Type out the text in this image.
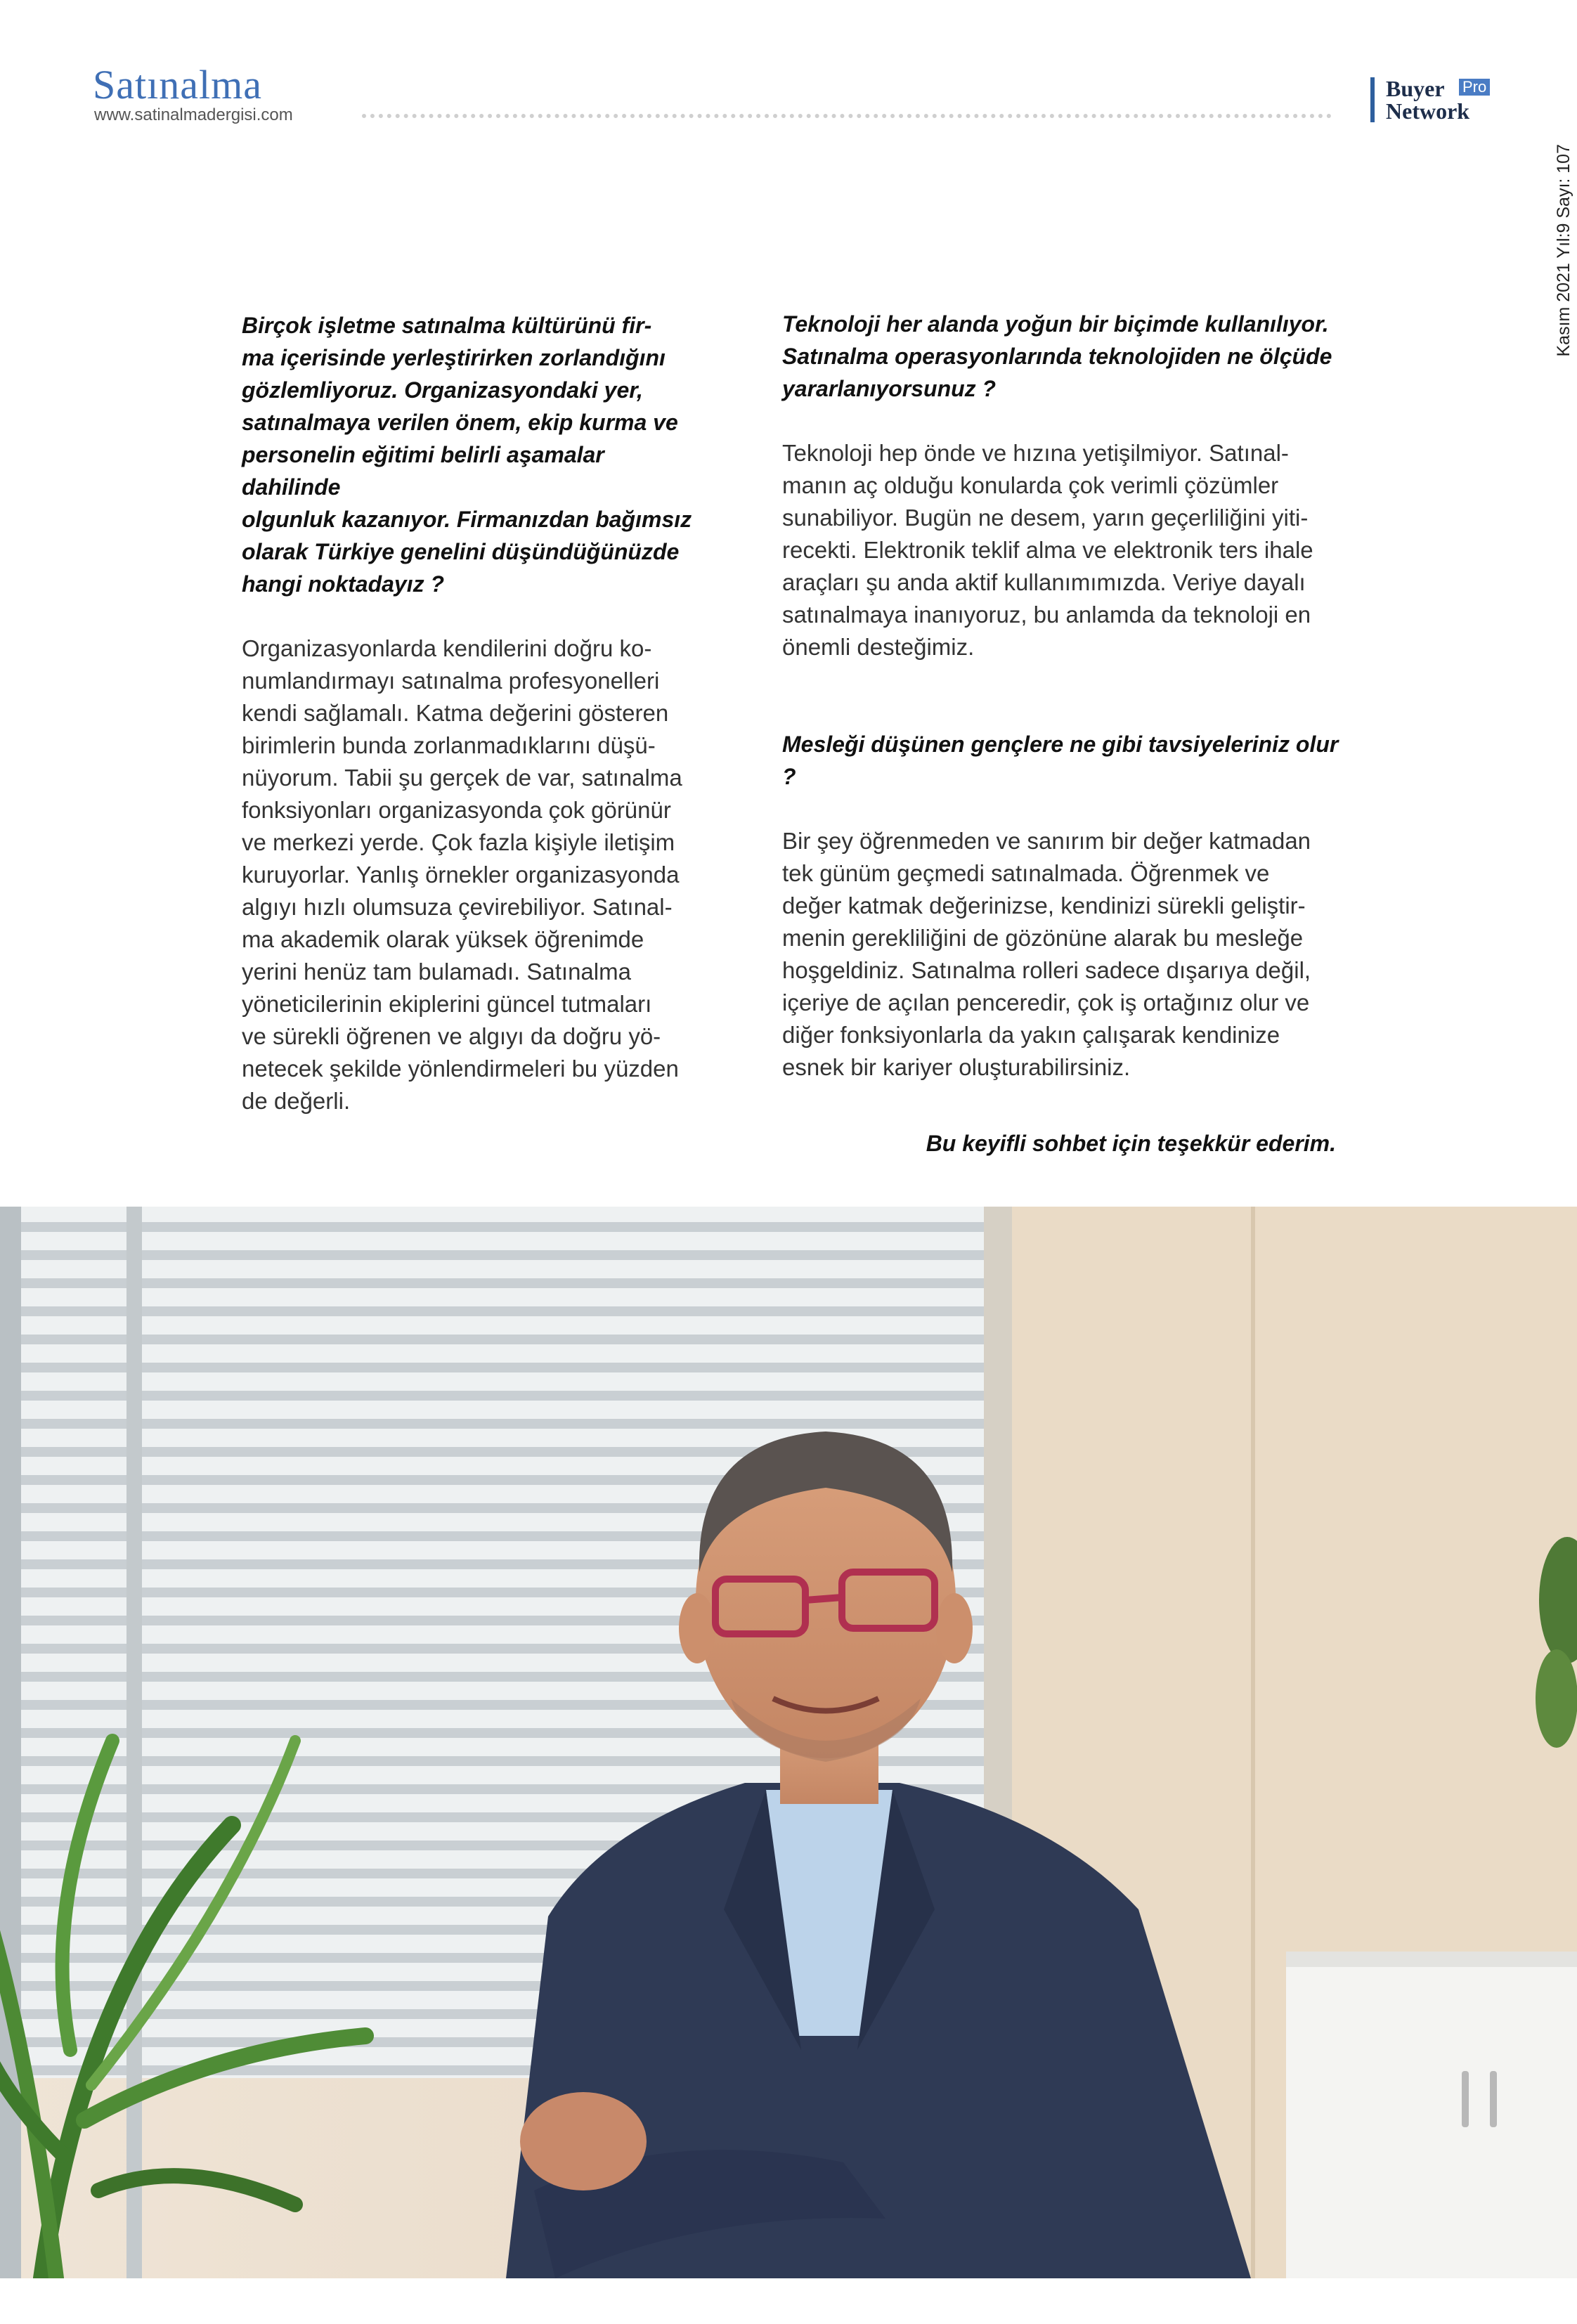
Satınalma
www.satinalmadergisi.com
Buyer Pro
Network
Kasım 2021 Yıl:9 Sayı: 107

Birçok işletme satınalma kültürünü fir-
ma içerisinde yerleştirirken zorlandığını
gözlemliyoruz. Organizasyondaki yer,
satınalmaya verilen önem, ekip kurma ve
personelin eğitimi belirli aşamalar dahilinde
olgunluk kazanıyor. Firmanızdan bağımsız
olarak Türkiye genelini düşündüğünüzde
hangi noktadayız ?

Organizasyonlarda kendilerini doğru ko-
numlandırmayı satınalma profesyonelleri
kendi sağlamalı. Katma değerini gösteren
birimlerin bunda zorlanmadıklarını düşü-
nüyorum. Tabii şu gerçek de var, satınalma
fonksiyonları organizasyonda çok görünür
ve merkezi yerde. Çok fazla kişiyle iletişim
kuruyorlar. Yanlış örnekler organizasyonda
algıyı hızlı olumsuza çevirebiliyor. Satınal-
ma akademik olarak yüksek öğrenimde
yerini henüz tam bulamadı. Satınalma
yöneticilerinin ekiplerini güncel tutmaları
ve sürekli öğrenen ve algıyı da doğru yö-
netecek şekilde yönlendirmeleri bu yüzden
de değerli.

Teknoloji her alanda yoğun bir biçimde kullanılıyor.
Satınalma operasyonlarında teknolojiden ne ölçüde
yararlanıyorsunuz ?

Teknoloji hep önde ve hızına yetişilmiyor. Satınal-
manın aç olduğu konularda çok verimli çözümler
sunabiliyor. Bugün ne desem, yarın geçerliliğini yiti-
recekti. Elektronik teklif alma ve elektronik ters ihale
araçları şu anda aktif kullanımımızda. Veriye dayalı
satınalmaya inanıyoruz, bu anlamda da teknoloji en
önemli desteğimiz.

Mesleği düşünen gençlere ne gibi tavsiyeleriniz olur ?

Bir şey öğrenmeden ve sanırım bir değer katmadan
tek günüm geçmedi satınalmada. Öğrenmek ve
değer katmak değerinizse, kendinizi sürekli geliştir-
menin gerekliliğini de gözönüne alarak bu mesleğe
hoşgeldiniz. Satınalma rolleri sadece dışarıya değil,
içeriye de açılan penceredir, çok iş ortağınız olur ve
diğer fonksiyonlarla da yakın çalışarak kendinize
esnek bir kariyer oluşturabilirsiniz.

Bu keyifli sohbet için teşekkür ederim.
